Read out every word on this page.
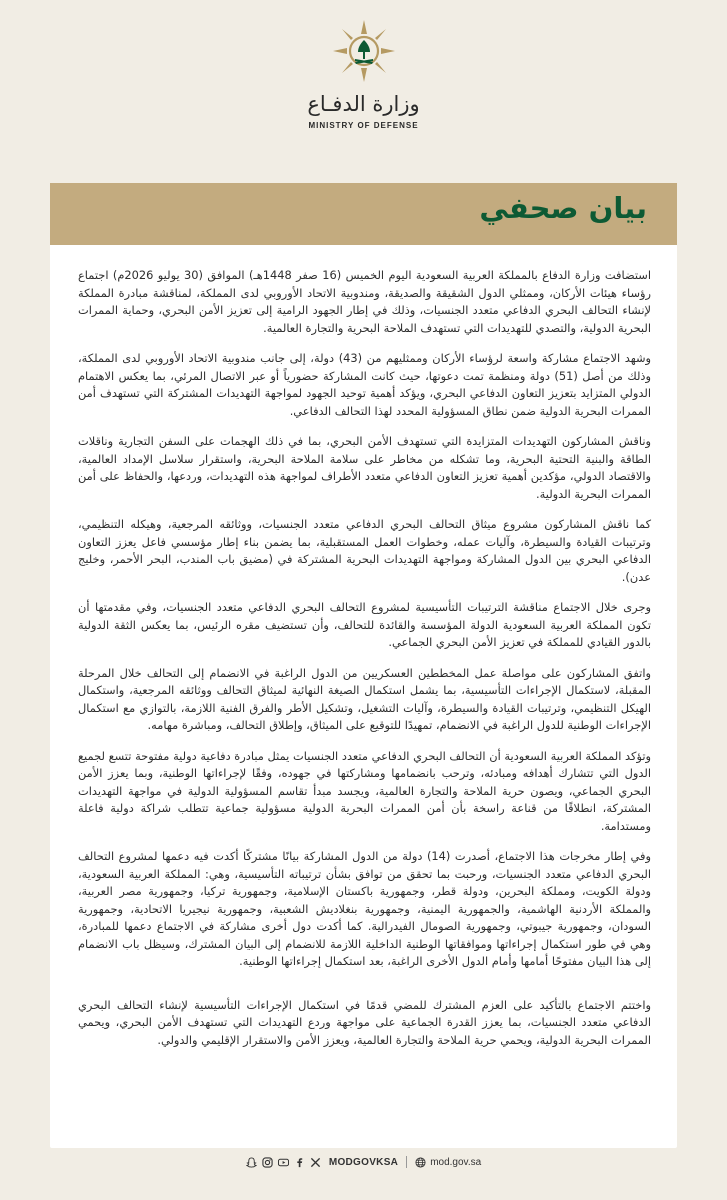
وزارة الدفـاع
MINISTRY OF DEFENSE
بيان صحفي

استضافت وزارة الدفاع بالمملكة العربية السعودية اليوم الخميس (16 صفر 1448هـ) الموافق (30 يوليو 2026م) اجتماع رؤساء هيئات الأركان، وممثلي الدول الشقيقة والصديقة، ومندوبية الاتحاد الأوروبي لدى المملكة، لمناقشة مبادرة المملكة لإنشاء التحالف البحري الدفاعي متعدد الجنسيات، وذلك في إطار الجهود الرامية إلى تعزيز الأمن البحري، وحماية الممرات البحرية الدولية، والتصدي للتهديدات التي تستهدف الملاحة البحرية والتجارة العالمية.

وشهد الاجتماع مشاركة واسعة لرؤساء الأركان وممثليهم من (43) دولة، إلى جانب مندوبية الاتحاد الأوروبي لدى المملكة، وذلك من أصل (51) دولة ومنظمة تمت دعوتها، حيث كانت المشاركة حضورياً أو عبر الاتصال المرئي، بما يعكس الاهتمام الدولي المتزايد بتعزيز التعاون الدفاعي البحري، ويؤكد أهمية توحيد الجهود لمواجهة التهديدات المشتركة التي تستهدف أمن الممرات البحرية الدولية ضمن نطاق المسؤولية المحدد لهذا التحالف الدفاعي.

وناقش المشاركون التهديدات المتزايدة التي تستهدف الأمن البحري، بما في ذلك الهجمات على السفن التجارية وناقلات الطاقة والبنية التحتية البحرية، وما تشكله من مخاطر على سلامة الملاحة البحرية، واستقرار سلاسل الإمداد العالمية، والاقتصاد الدولي، مؤكدين أهمية تعزيز التعاون الدفاعي متعدد الأطراف لمواجهة هذه التهديدات، وردعها، والحفاظ على أمن الممرات البحرية الدولية.

كما ناقش المشاركون مشروع ميثاق التحالف البحري الدفاعي متعدد الجنسيات، ووثائقه المرجعية، وهيكله التنظيمي، وترتيبات القيادة والسيطرة، وآليات عمله، وخطوات العمل المستقبلية، بما يضمن بناء إطار مؤسسي فاعل يعزز التعاون الدفاعي البحري بين الدول المشاركة ومواجهة التهديدات البحرية المشتركة في (مضيق باب المندب، البحر الأحمر، وخليج عدن).

وجرى خلال الاجتماع مناقشة الترتيبات التأسيسية لمشروع التحالف البحري الدفاعي متعدد الجنسيات، وفي مقدمتها أن تكون المملكة العربية السعودية الدولة المؤسسة والقائدة للتحالف، وأن تستضيف مقره الرئيس، بما يعكس الثقة الدولية بالدور القيادي للمملكة في تعزيز الأمن البحري الجماعي.

واتفق المشاركون على مواصلة عمل المخططين العسكريين من الدول الراغبة في الانضمام إلى التحالف خلال المرحلة المقبلة، لاستكمال الإجراءات التأسيسية، بما يشمل استكمال الصيغة النهائية لميثاق التحالف ووثائقه المرجعية، واستكمال الهيكل التنظيمي، وترتيبات القيادة والسيطرة، وآليات التشغيل، وتشكيل الأطر والفرق الفنية اللازمة، بالتوازي مع استكمال الإجراءات الوطنية للدول الراغبة في الانضمام، تمهيدًا للتوقيع على الميثاق، وإطلاق التحالف، ومباشرة مهامه.

وتؤكد المملكة العربية السعودية أن التحالف البحري الدفاعي متعدد الجنسيات يمثل مبادرة دفاعية دولية مفتوحة تتسع لجميع الدول التي تتشارك أهدافه ومبادئه، وترحب بانضمامها ومشاركتها في جهوده، وفقًا لإجراءاتها الوطنية، وبما يعزز الأمن البحري الجماعي، ويصون حرية الملاحة والتجارة العالمية، ويجسد مبدأ تقاسم المسؤولية الدولية في مواجهة التهديدات المشتركة، انطلاقًا من قناعة راسخة بأن أمن الممرات البحرية الدولية مسؤولية جماعية تتطلب شراكة دولية فاعلة ومستدامة.

وفي إطار مخرجات هذا الاجتماع، أصدرت (14) دولة من الدول المشاركة بيانًا مشتركًا أكدت فيه دعمها لمشروع التحالف البحري الدفاعي متعدد الجنسيات، ورحبت بما تحقق من توافق بشأن ترتيباته التأسيسية، وهي: المملكة العربية السعودية، ودولة الكويت، ومملكة البحرين، ودولة قطر، وجمهورية باكستان الإسلامية، وجمهورية تركيا، وجمهورية مصر العربية، والمملكة الأردنية الهاشمية، والجمهورية اليمنية، وجمهورية بنغلاديش الشعبية، وجمهورية نيجيريا الاتحادية، وجمهورية السودان، وجمهورية جيبوتي، وجمهورية الصومال الفيدرالية. كما أكدت دول أخرى مشاركة في الاجتماع دعمها للمبادرة، وهي في طور استكمال إجراءاتها وموافقاتها الوطنية الداخلية اللازمة للانضمام إلى البيان المشترك، وسيظل باب الانضمام إلى هذا البيان مفتوحًا أمامها وأمام الدول الأخرى الراغبة، بعد استكمال إجراءاتها الوطنية.

واختتم الاجتماع بالتأكيد على العزم المشترك للمضي قدمًا في استكمال الإجراءات التأسيسية لإنشاء التحالف البحري الدفاعي متعدد الجنسيات، بما يعزز القدرة الجماعية على مواجهة وردع التهديدات التي تستهدف الأمن البحري، ويحمي الممرات البحرية الدولية، ويحمي حرية الملاحة والتجارة العالمية، ويعزز الأمن والاستقرار الإقليمي والدولي.

MODGOVKSA	mod.gov.sa
